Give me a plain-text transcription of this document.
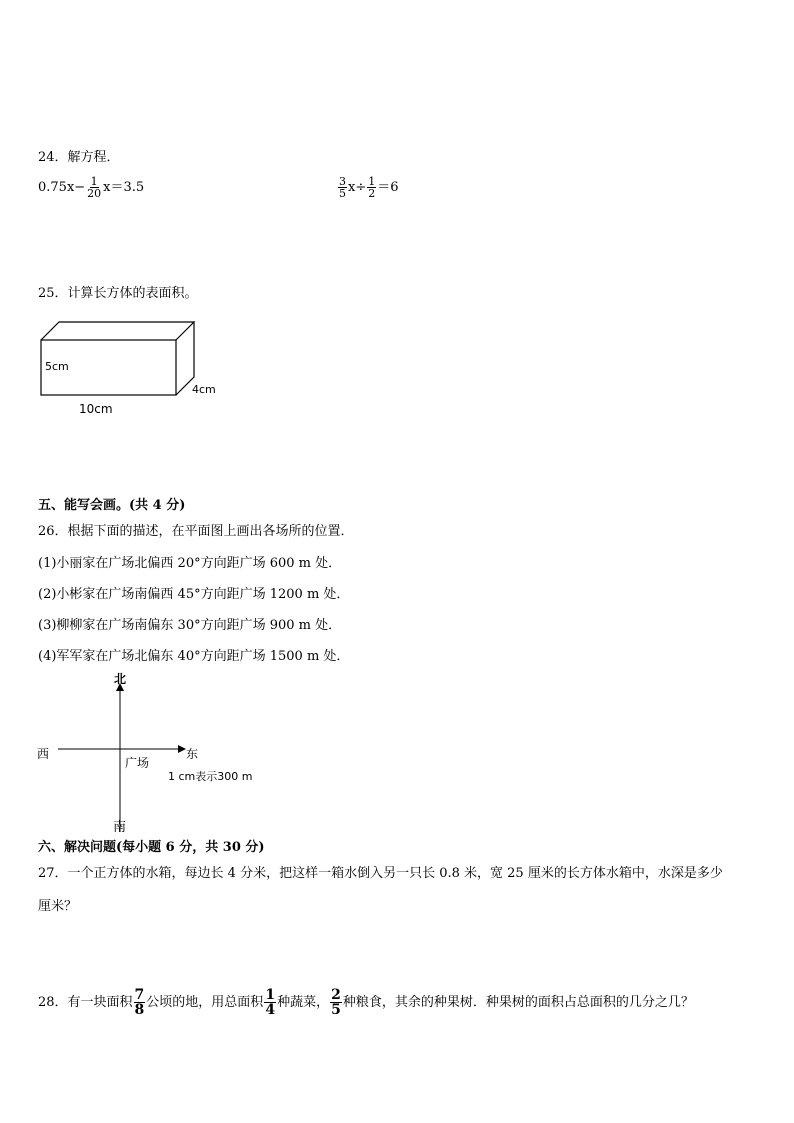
24．解方程．
$0.75x- \frac{1}{20} x=3.5$	$\frac{3}{5} x\div \frac{1}{2} =6$
25．计算长方体的表面积。
5cm
4cm
10cm
五、能写会画。(共 4 分)
26．根据下面的描述，在平面图上画出各场所的位置．
(1)小丽家在广场北偏西 20°方向距广场 600 m 处．
(2)小彬家在广场南偏西 45°方向距广场 1200 m 处．
(3)柳柳家在广场南偏东 30°方向距广场 900 m 处．
(4)军军家在广场北偏东 40°方向距广场 1500 m 处．
北
西	东
广场
1 cm表示300 m
南
六、解决问题(每小题 6 分，共 30 分)
27．一个正方体的水箱，每边长 4 分米，把这样一箱水倒入另一只长 0.8 米，宽 25 厘米的长方体水箱中，水深是多少
厘米？
28．有一块面积 $\frac{7}{8}$ 公顷的地，用总面积 $\frac{1}{4}$ 种蔬菜， $\frac{2}{5}$ 种粮食，其余的种果树．种果树的面积占总面积的几分之几？
